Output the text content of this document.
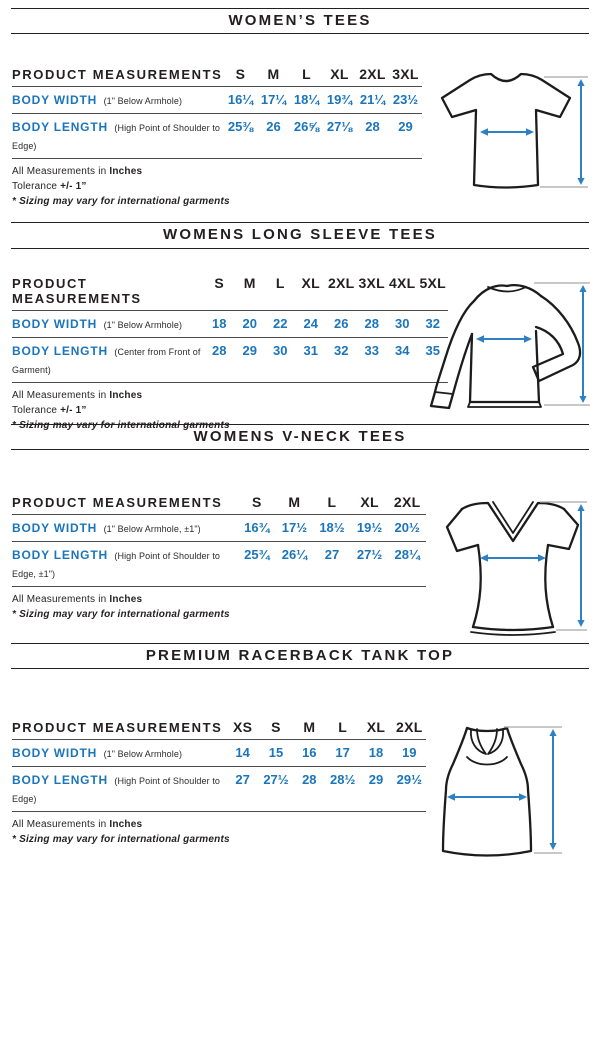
WOMEN’S TEES
PRODUCT MEASUREMENTS S	M	L	XL 2XL 3XL
BODY WIDTH (1" Below Armhole)	16¼ 17¼ 18¼ 19¾ 21¼ 23½
BODY LENGTH (High Point of Shoulder to Edge)
25⅜	26	26⅝ 27⅛	28	29

All Measurements in Inches

Tolerance +/- 1”

* Sizing may vary for international garments

WOMENS LONG SLEEVE TEES
PRODUCT MEASUREMENTS
S	M	L	XL 2XL 3XL 4XL 5XL
BODY WIDTH (1" Below Armhole)	18	20	22	24	26	28	30	32
BODY LENGTH (Center from Front of Garment)
28	29	30	31	32	33	34	35

All Measurements in Inches

Tolerance +/- 1”

* Sizing may vary for international garments

WOMENS V-NECK TEES
PRODUCT MEASUREMENTS	S	M	L	XL	2XL
BODY WIDTH (1" Below Armhole, ±1")	16¾ 17½ 18½ 19½ 20½
BODY LENGTH (High Point of Shoulder to Edge, ±1")
25¾ 26¼	27	27½ 28¼

All Measurements in Inches

* Sizing may vary for international garments

PREMIUM RACERBACK TANK TOP
PRODUCT MEASUREMENTS XS	S	M	L	XL 2XL
BODY WIDTH (1" Below Armhole)	14	15	16	17	18	19
BODY LENGTH (High Point of Shoulder to Edge)
27	27½	28	28½	29	29½

All Measurements in Inches

* Sizing may vary for international garments
